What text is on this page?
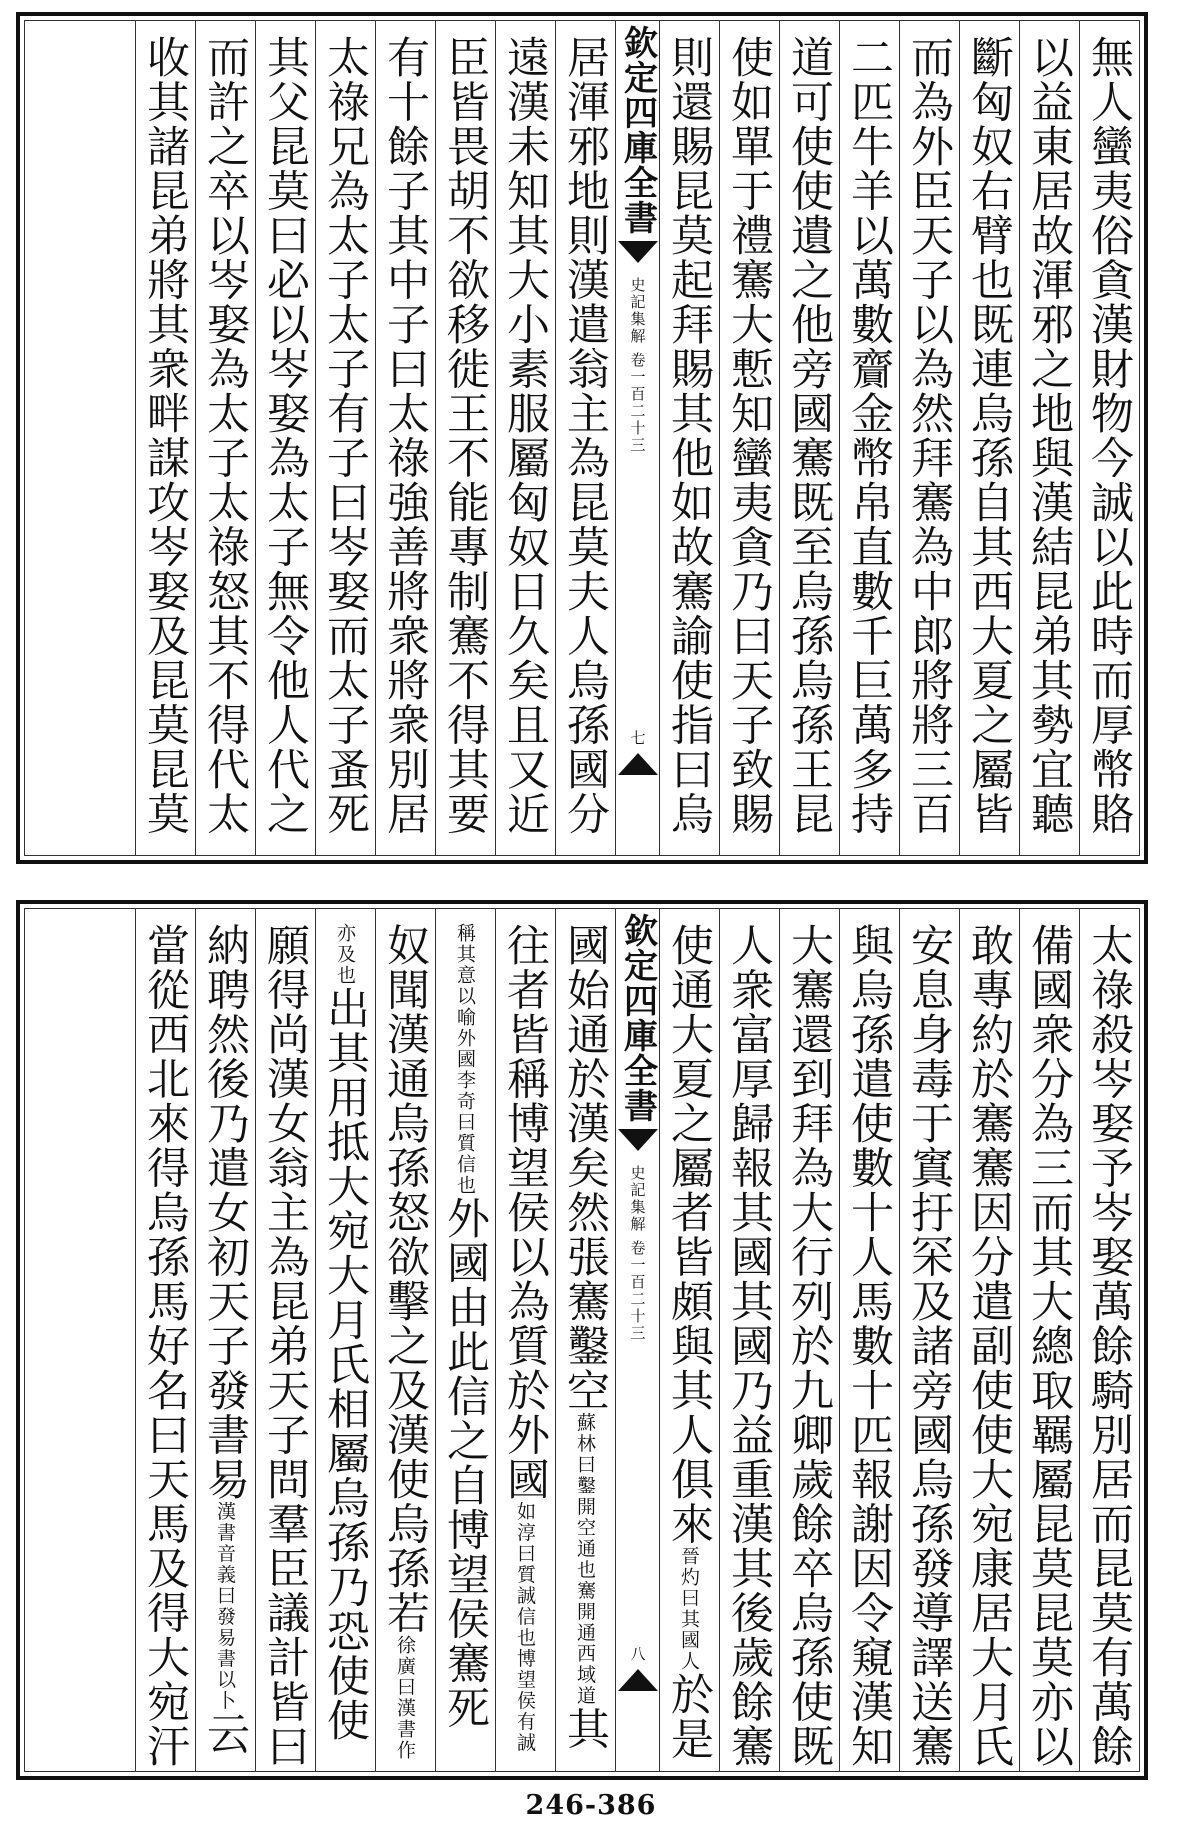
無人蠻夷俗貪漢財物今誠以此時而厚幣賂
以益東居故渾邪之地與漢結昆弟其勢宜聽
斷匈奴右臂也既連烏孫自其西大夏之屬皆
而為外臣天子以為然拜騫為中郎將將三百
二匹牛羊以萬數齎金幣帛直數千巨萬多持
道可使使遺之他旁國騫既至烏孫烏孫王昆
使如單于禮騫大慙知蠻夷貪乃曰天子致賜
則還賜昆莫起拜賜其他如故騫諭使指曰烏
欽定四庫全書
史記集解 卷一百二十三
七
居渾邪地則漢遣翁主為昆莫夫人烏孫國分
遠漢未知其大小素服屬匈奴日久矣且又近
臣皆畏胡不欲移徙王不能專制騫不得其要
有十餘子其中子曰太祿強善將衆將衆別居
太祿兄為太子太子有子曰岑娶而太子蚤死
其父昆莫曰必以岑娶為太子無令他人代之
而許之卒以岑娶為太子太祿怒其不得代太
收其諸昆弟將其衆畔謀攻岑娶及昆莫昆莫
太祿殺岑娶予岑娶萬餘騎別居而昆莫有萬餘
備國衆分為三而其大總取羈屬昆莫昆莫亦以
敢專約於騫騫因分遣副使使大宛康居大月氏
安息身毒于窴扜罙及諸旁國烏孫發導譯送騫
與烏孫遣使數十人馬數十匹報謝因令窺漢知
大騫還到拜為大行列於九卿歲餘卒烏孫使既
人衆富厚歸報其國其國乃益重漢其後歲餘騫
使通大夏之屬者皆頗與其人俱來晉灼曰其國人於是
欽定四庫全書
史記集解 卷一百二十三
八
國始通於漢矣然張騫鑿空蘇林曰鑿開空通也騫開通西域道其
往者皆稱博望侯以為質於外國如淳曰質誠信也博望侯有誠
稱其意以喻外國李奇曰質信也外國由此信之自博望侯騫死
奴聞漢通烏孫怒欲擊之及漢使烏孫若徐廣曰漢書作
亦及也出其用抵大宛大月氏相屬烏孫乃恐使使
願得尚漢女翁主為昆弟天子問羣臣議計皆曰
納聘然後乃遣女初天子發書易漢書音義曰發易書以卜云
當從西北來得烏孫馬好名曰天馬及得大宛汗
246-386
